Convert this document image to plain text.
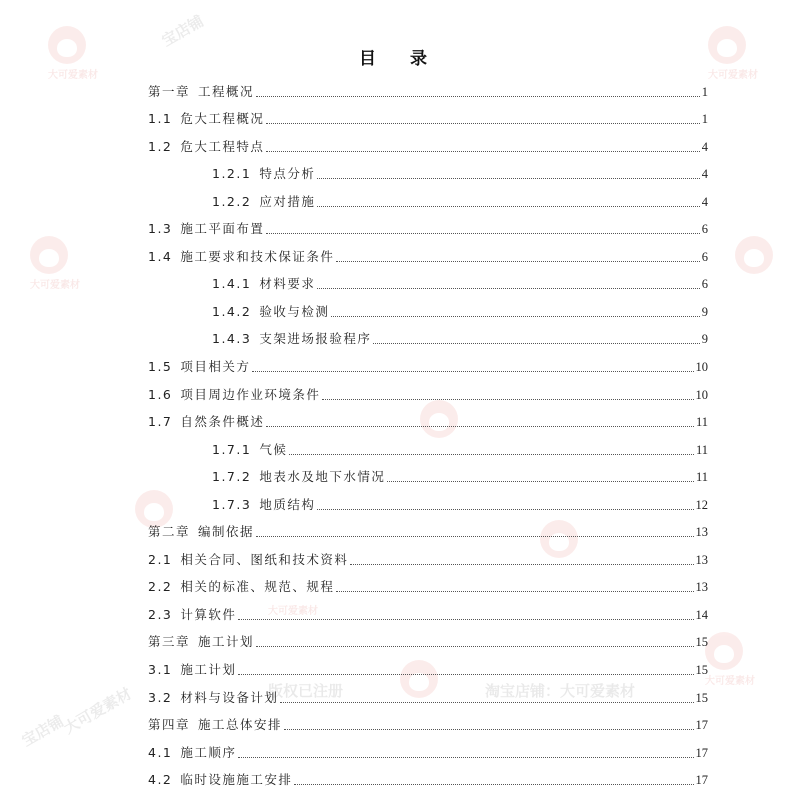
大可爱素材	大可爱素材
大可爱素材
大可爱素材
大可爱素材
版权已注册	淘宝店铺：大可爱素材
宝店铺
宝店铺
大可爱素材
目 录
第一章 工程概况	1
1.1 危大工程概况	1
1.2 危大工程特点	4
1.2.1 特点分析	4
1.2.2 应对措施	4
1.3 施工平面布置	6
1.4 施工要求和技术保证条件	6
1.4.1 材料要求	6
1.4.2 验收与检测	9
1.4.3 支架进场报验程序	9
1.5 项目相关方	10
1.6 项目周边作业环境条件	10
1.7 自然条件概述	11
1.7.1 气候	11
1.7.2 地表水及地下水情况	11
1.7.3 地质结构	12
第二章 编制依据	13
2.1 相关合同、图纸和技术资料	13
2.2 相关的标准、规范、规程	13
2.3 计算软件	14
第三章 施工计划	15
3.1 施工计划	15
3.2 材料与设备计划	15
第四章 施工总体安排	17
4.1 施工顺序	17
4.2 临时设施施工安排	17
